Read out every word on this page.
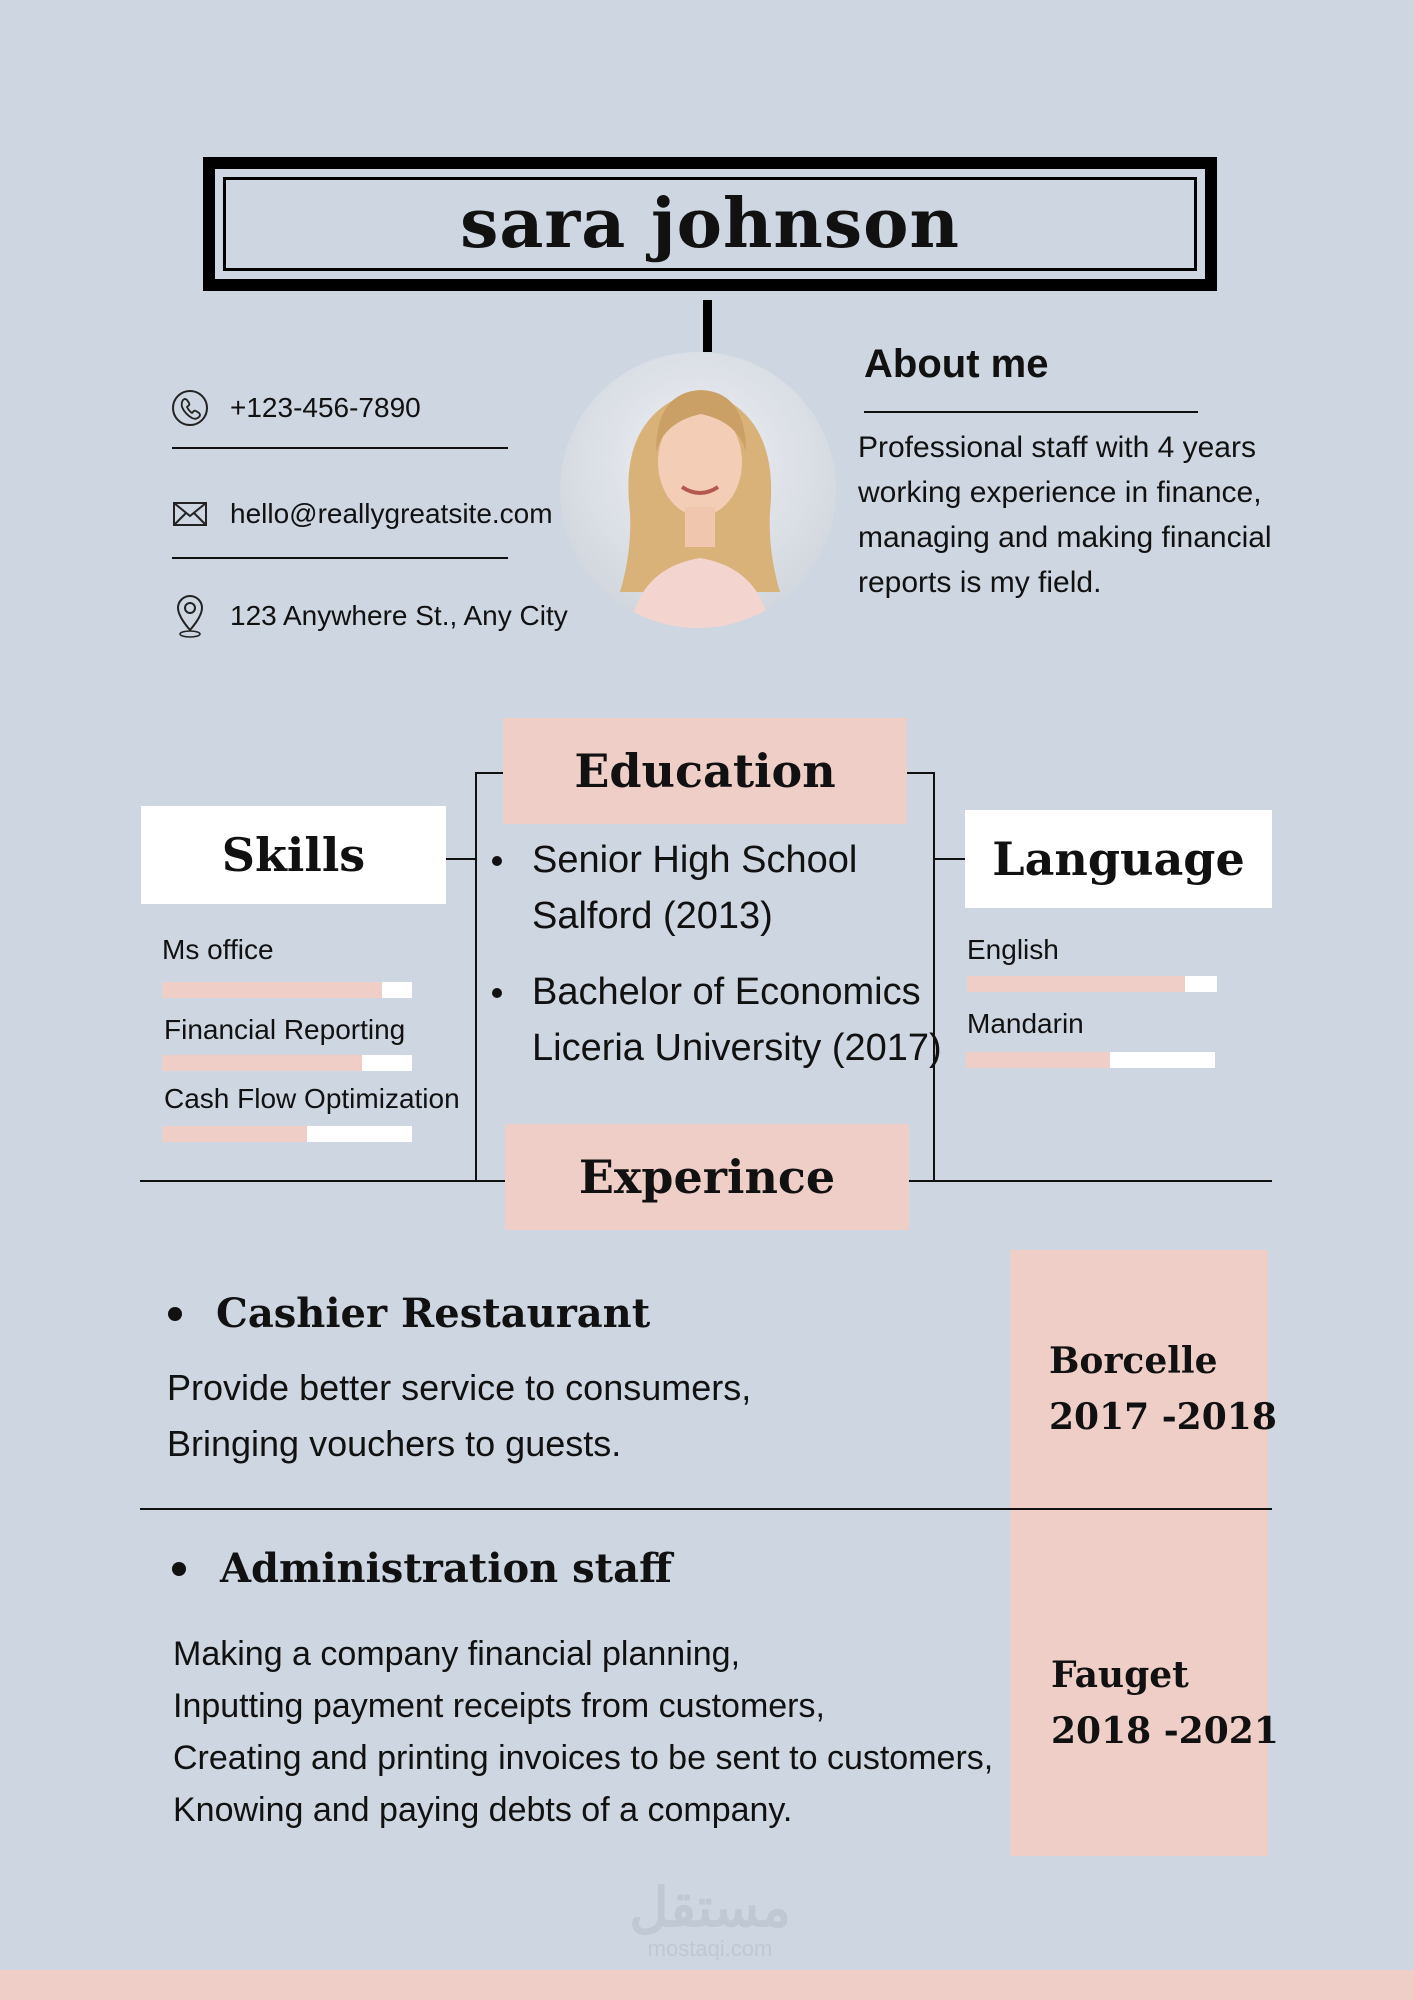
sara johnson
+123-456-7890
hello@reallygreatsite.com
123 Anywhere St., Any City
About me
Professional staff with 4 years
working experience in finance,
managing and making financial
reports is my field.
Skills
Ms office
Financial Reporting
Cash Flow Optimization
Education
Senior High School
Salford (2013)
Bachelor of Economics
Liceria University (2017)
Language
English
Mandarin
Experince
Cashier Restaurant
Provide better service to consumers,
Bringing vouchers to guests.
Borcelle
2017 -2018
Administration staff
Making a company financial planning,
Inputting payment receipts from customers,
Creating and printing invoices to be sent to customers,
Knowing and paying debts of a company.
Fauget
2018 -2021
مستقل
mostaqi.com
